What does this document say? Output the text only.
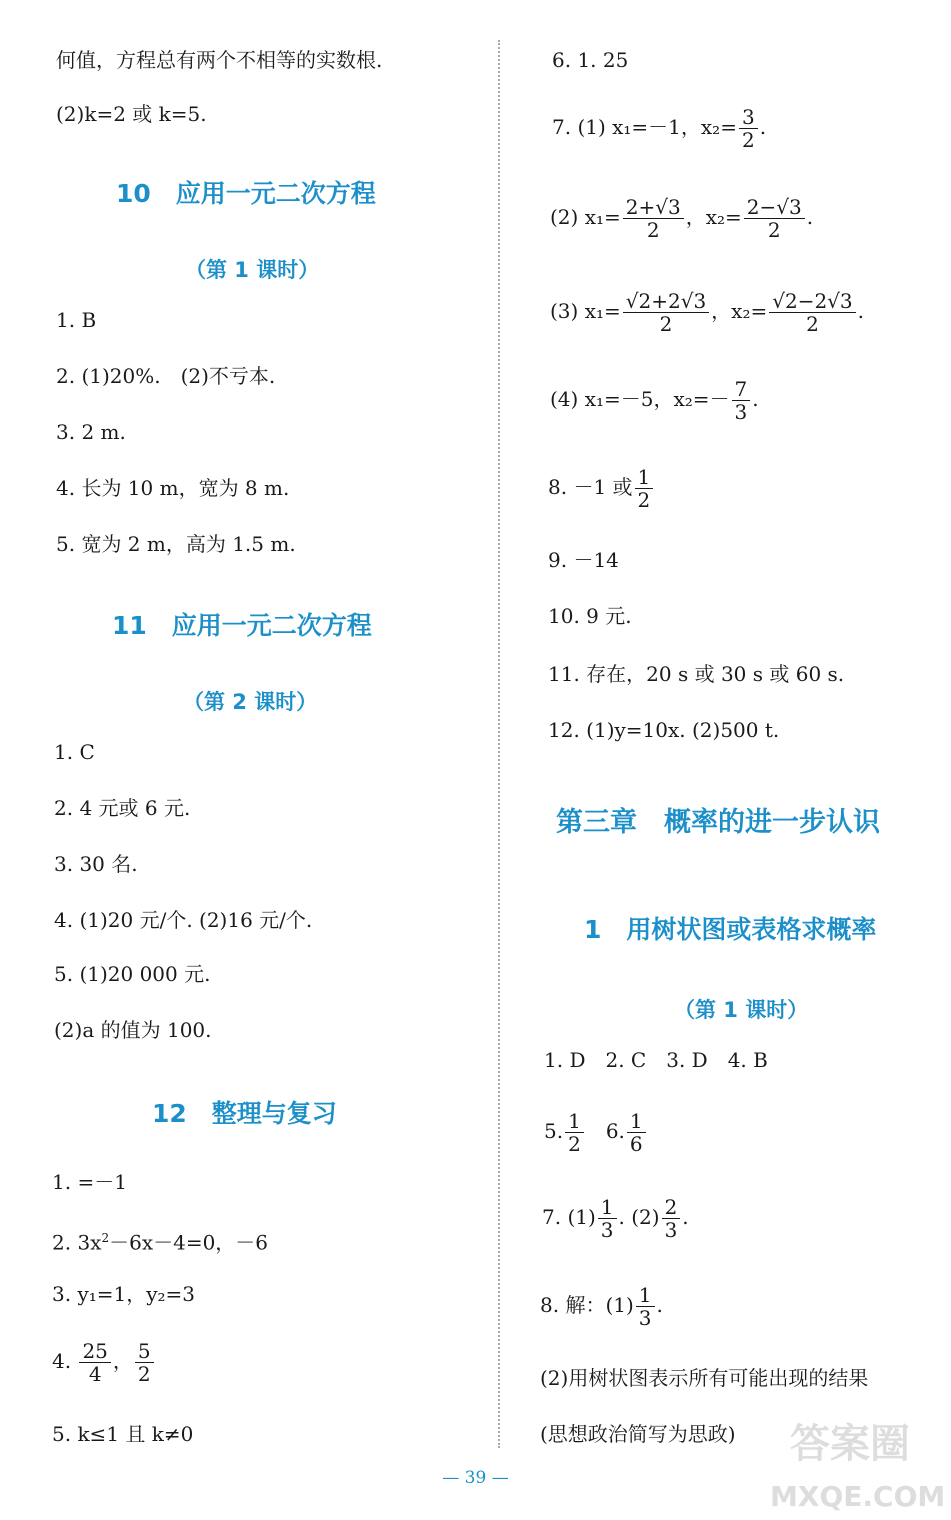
何值，方程总有两个不相等的实数根.
(2)k=2 或 k=5.
10　应用一元二次方程
（第 1 课时）
1. B
2. (1)20%.　(2)不亏本.
3. 2 m.
4. 长为 10 m，宽为 8 m.
5. 宽为 2 m，高为 1.5 m.
11　应用一元二次方程
（第 2 课时）
1. C
2. 4 元或 6 元.
3. 30 名.
4. (1)20 元/个. (2)16 元/个.
5. (1)20 000 元.
(2)a 的值为 100.
12　整理与复习
1. =－1
2. $3x^2-6x-4=0$，－6
3. y₁=1，y₂=3
4. $\frac{25}{4}$ ， $\frac{5}{2}$
5. k≤1 且 k≠0
6. 1. 25
7. (1) x₁=－1，$x_2= \frac{3}{2}$ .
(2) $x_1= \frac{2+√3}{2}$ ，$x_2= \frac{2-√3}{2}$ .
(3) $x_1= \frac{√2+2√3}{2}$ ，$x_2= \frac{√2-2√3}{2}$ .
(4) x₁=－5，$x_2=- \frac{7}{3}$ .
8. －1 或 $\frac{1}{2}$
9. －14
10. 9 元.
11. 存在，20 s 或 30 s 或 60 s.
12. (1)y=10x. (2)500 t.
第三章　概率的进一步认识
1　用树状图或表格求概率
（第 1 课时）
1. D　2. C　3. D　4. B
5. $\frac{1}{2}$ 　6. $\frac{1}{6}$
7. $(1) \frac{1}{3}$ . $(2) \frac{2}{3}$ .
8. 解：$(1) \frac{1}{3}$ .
(2)用树状图表示所有可能出现的结果
(思想政治简写为思政)
— 39 —
答案圈
MXQE.COM
